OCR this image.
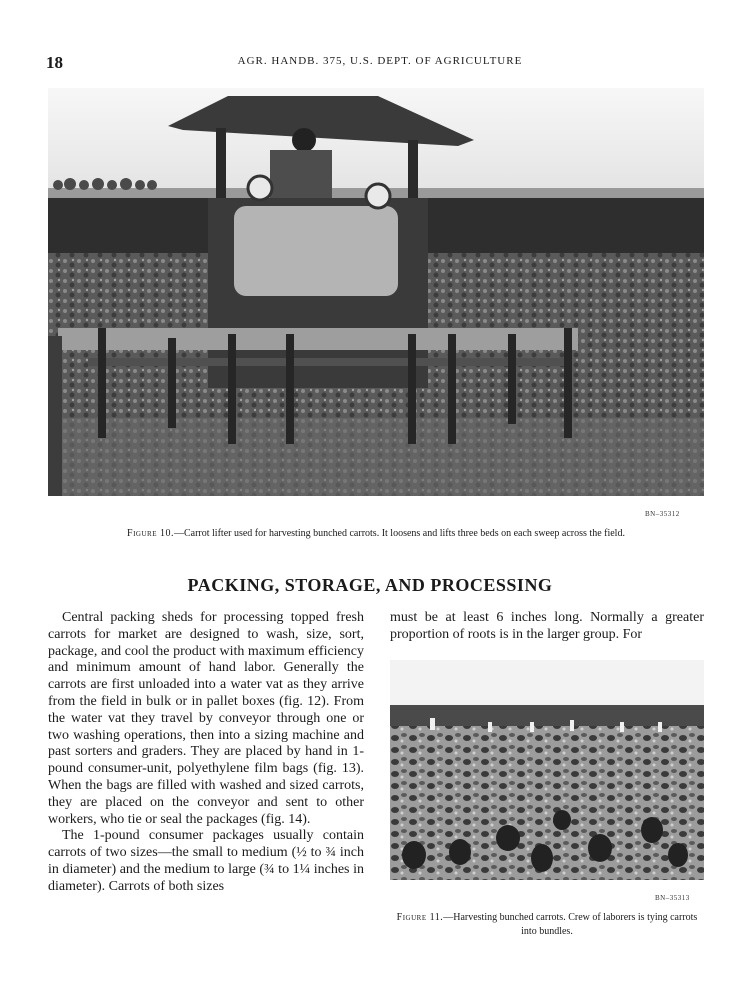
18	AGR. HANDB. 375, U.S. DEPT. OF AGRICULTURE
BN–35312
Figure 10.—Carrot lifter used for harvesting bunched carrots. It loosens and lifts three beds on each sweep across the field.
PACKING, STORAGE, AND PROCESSING

Central packing sheds for processing topped fresh carrots for market are designed to wash, size, sort, package, and cool the product with maximum efficiency and minimum amount of hand labor. Generally the carrots are first unloaded into a water vat as they arrive from the field in bulk or in pallet boxes (fig. 12). From the water vat they travel by conveyor through one or two washing operations, then into a sizing machine and past sorters and graders. They are placed by hand in 1-pound consumer-unit, polyethylene film bags (fig. 13). When the bags are filled with washed and sized carrots, they are placed on the conveyor and sent to other workers, who tie or seal the packages (fig. 14).

The 1-pound consumer packages usually contain carrots of two sizes—the small to medium (½ to ¾ inch in diameter) and the medium to large (¾ to 1¼ inches in diameter). Carrots of both sizes

must be at least 6 inches long. Normally a greater proportion of roots is in the larger group. For

BN–35313
Figure 11.—Harvesting bunched carrots. Crew of laborers is tying carrots into bundles.
